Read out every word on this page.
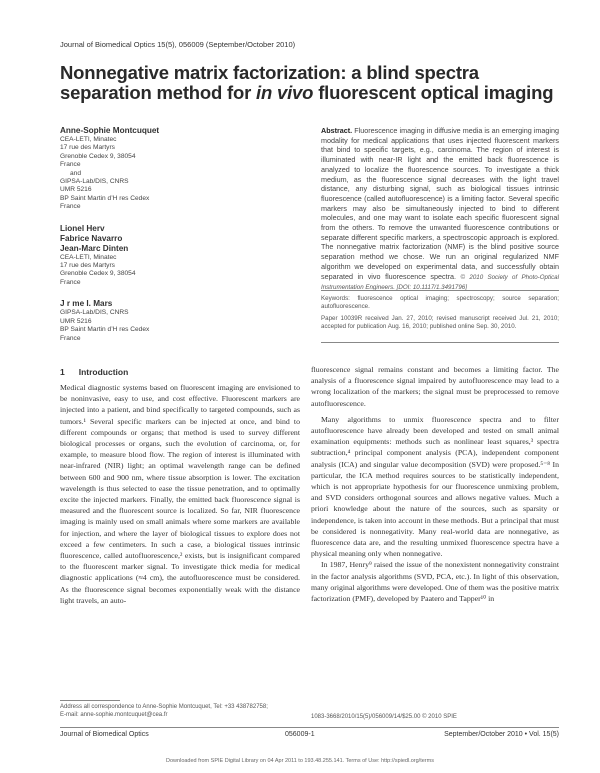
Journal of Biomedical Optics 15(5), 056009 (September/October 2010)
Nonnegative matrix factorization: a blind spectra
separation method for in vivo fluorescent optical imaging
Anne-Sophie Montcuquet
CEA-LETI, Minatec
17 rue des Martyrs
Grenoble Cedex 9, 38054
France
and
GIPSA-Lab/DIS, CNRS
UMR 5216
BP Saint Martin d’H res Cedex
France
Lionel Herv
Fabrice Navarro
Jean-Marc Dinten
CEA-LETI, Minatec
17 rue des Martyrs
Grenoble Cedex 9, 38054
France
J r me I. Mars
GIPSA-Lab/DIS, CNRS
UMR 5216
BP Saint Martin d’H res Cedex
France
Abstract. Fluorescence imaging in diffusive media is an emerging imaging modality for medical applications that uses injected fluorescent markers that bind to specific targets, e.g., carcinoma. The region of interest is illuminated with near-IR light and the emitted back fluorescence is analyzed to localize the fluorescence sources. To investigate a thick medium, as the fluorescence signal decreases with the light travel distance, any disturbing signal, such as biological tissues intrinsic fluorescence (called autofluorescence) is a limiting factor. Several specific markers may also be simultaneously injected to bind to different molecules, and one may want to isolate each specific fluorescent signal from the others. To remove the unwanted fluorescence contributions or separate different specific markers, a spectroscopic approach is explored. The nonnegative matrix factorization (NMF) is the blind positive source separation method we chose. We run an original regularized NMF algorithm we developed on experimental data, and successfully obtain separated in vivo fluorescence spectra. © 2010 Society of Photo-Optical Instrumentation Engineers. [DOI: 10.1117/1.3491796]
Keywords: fluorescence optical imaging; spectroscopy; source separation; autofluorescence.
Paper 10039R received Jan. 27, 2010; revised manuscript received Jul. 21, 2010; accepted for publication Aug. 16, 2010; published online Sep. 30, 2010.
1 Introduction

Medical diagnostic systems based on fluorescent imaging are envisioned to be noninvasive, easy to use, and cost effective. Fluorescent markers are injected into a patient, and bind specifically to targeted compounds, such as tumors.¹ Several specific markers can be injected at once, and bind to different compounds or organs; that method is used to survey different biological processes or organs, such the evolution of carcinoma, or, for example, to measure blood flow. The region of interest is illuminated with near-infrared (NIR) light; an optimal wavelength range can be defined between 600 and 900 nm, where tissue absorption is lower. The excitation wavelength is thus selected to ease the tissue penetration, and to optimally excite the injected markers. Finally, the emitted back fluorescence signal is measured and the fluorescent source is localized. So far, NIR fluorescence imaging is mainly used on small animals where some markers are available for injection, and where the layer of biological tissues to explore does not exceed a few centimeters. In such a case, a biological tissues intrinsic fluorescence, called autofluorescence,² exists, but is insignificant compared to the fluorescent marker signal. To investigate thick media for medical diagnostic applications (≈4 cm), the autofluorescence must be considered. As the fluorescence signal becomes exponentially weak with the distance light travels, an auto-

fluorescence signal remains constant and becomes a limiting factor. The analysis of a fluorescence signal impaired by autofluorescence may lead to a wrong localization of the markers; the signal must be preprocessed to remove autofluorescence.

Many algorithms to unmix fluorescence spectra and to filter autofluorescence have already been developed and tested on small animal examination equipments: methods such as nonlinear least squares,³ spectra subtraction,⁴ principal component analysis (PCA), independent component analysis (ICA) and singular value decomposition (SVD) were proposed.⁵⁻⁸ In particular, the ICA method requires sources to be statistically independent, which is not appropriate hypothesis for our fluorescence unmixing problem, and SVD considers orthogonal sources and allows negative values. Much a priori knowledge about the nature of the sources, such as sparsity or independence, is taken into account in these methods. But a principal that must be considered is nonnegativity. Many real-world data are nonnegative, as fluorescence data are, and the resulting unmixed fluorescence spectra have a physical meaning only when nonnegative.

In 1987, Henry⁹ raised the issue of the nonexistent nonnegativity constraint in the factor analysis algorithms (SVD, PCA, etc.). In light of this observation, many original algorithms were developed. One of them was the positive matrix factorization (PMF), developed by Paatero and Tapper¹⁰ in

Address all correspondence to Anne-Sophie Montcuquet, Tel: +33 438782758;
E-mail: anne-sophie.montcuquet@cea.fr	1083-3668/2010/15(5)/056009/14/$25.00 © 2010 SPIE
Journal of Biomedical Optics	056009-1	September/October 2010 • Vol. 15(5)
Downloaded from SPIE Digital Library on 04 Apr 2011 to 193.48.255.141. Terms of Use: http://spiedl.org/terms
